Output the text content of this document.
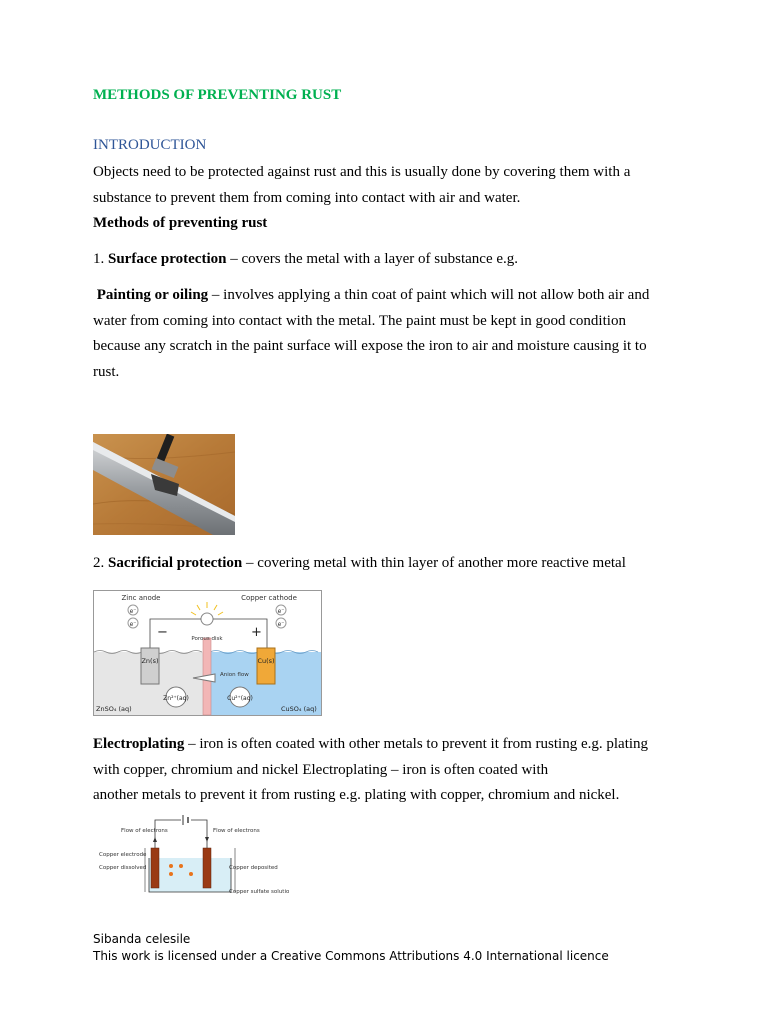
METHODS OF PREVENTING RUST
INTRODUCTION
Objects need to be protected against rust and this is usually done by covering them with a substance to prevent them from coming into contact with air and water.
Methods of preventing rust
1. Surface protection – covers the metal with a layer of substance e.g.
Painting or oiling – involves applying a thin coat of paint which will not allow both air and water from coming into contact with the metal. The paint must be kept in good condition because any scratch in the paint surface will expose the iron to air and moisture causing it to rust.
2. Sacrificial protection – covering metal with thin layer of another more reactive metal
Zinc anode	Copper cathode
−	+
e⁻
e⁻
e⁻
e⁻
Porous disk
Zn(s)	Cu(s)
Anion flow
Zn²⁺(aq)	Cu²⁺(aq)
ZnSO₄ (aq)	CuSO₄ (aq)
Electroplating – iron is often coated with other metals to prevent it from rusting e.g. plating with copper, chromium and nickel Electroplating – iron is often coated with
another metals to prevent it from rusting e.g. plating with copper, chromium and nickel.
Flow of electrons	Flow of electrons
Copper electrode
Copper dissolved	Copper deposited
Copper sulfate solution
Sibanda celesile
This work is licensed under a Creative Commons Attributions 4.0 International licence
